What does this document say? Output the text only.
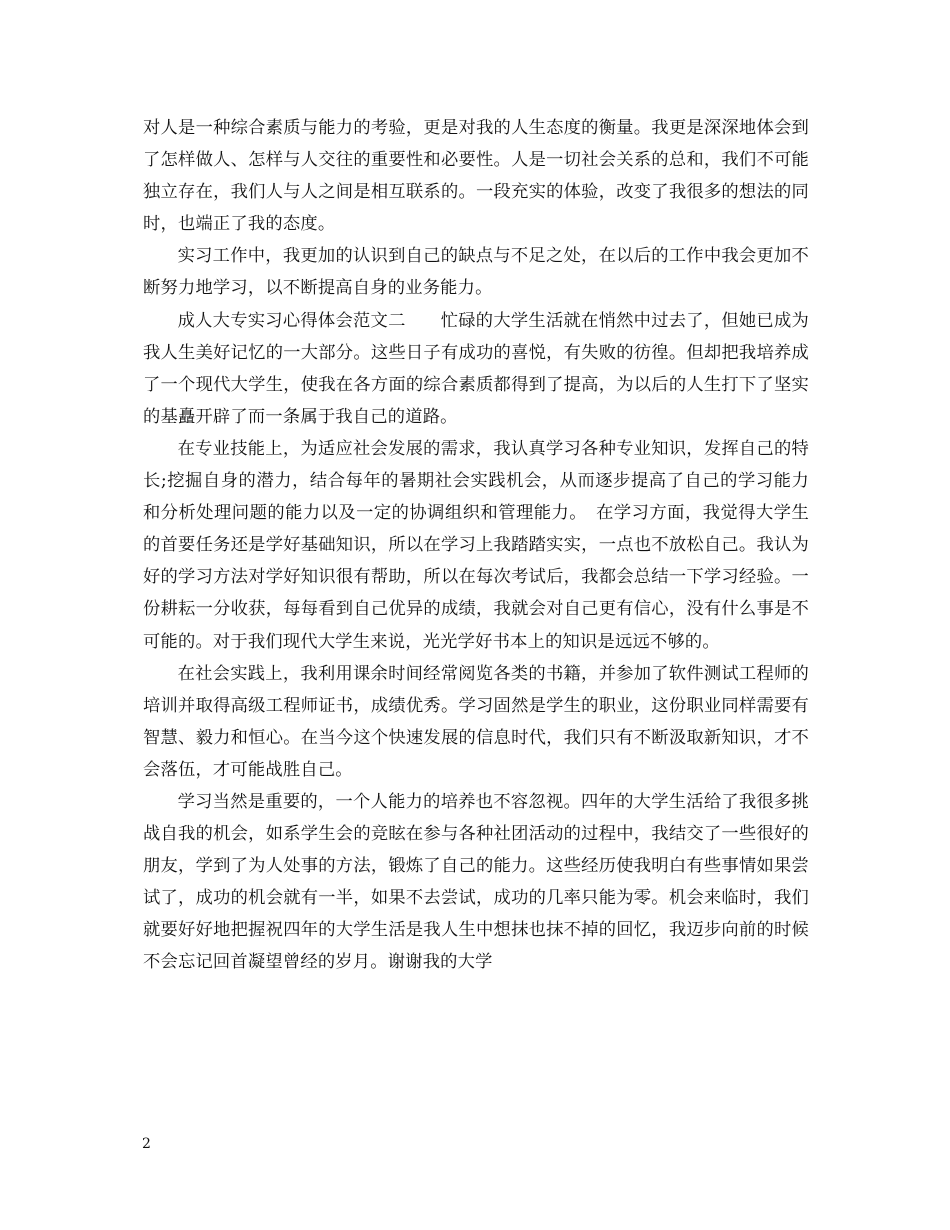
对人是一种综合素质与能力的考验，更是对我的人生态度的衡量。我更是深深地体会到了怎样做人、怎样与人交往的重要性和必要性。人是一切社会关系的总和，我们不可能独立存在，我们人与人之间是相互联系的。一段充实的体验，改变了我很多的想法的同时，也端正了我的态度。

实习工作中，我更加的认识到自己的缺点与不足之处，在以后的工作中我会更加不断努力地学习，以不断提高自身的业务能力。

成人大专实习心得体会范文二　　忙碌的大学生活就在悄然中过去了，但她已成为我人生美好记忆的一大部分。这些日子有成功的喜悦，有失败的彷徨。但却把我培养成了一个现代大学生，使我在各方面的综合素质都得到了提高，为以后的人生打下了坚实的基矗开辟了而一条属于我自己的道路。

在专业技能上，为适应社会发展的需求，我认真学习各种专业知识，发挥自己的特长;挖掘自身的潜力，结合每年的暑期社会实践机会，从而逐步提高了自己的学习能力和分析处理问题的能力以及一定的协调组织和管理能力。　在学习方面，我觉得大学生的首要任务还是学好基础知识，所以在学习上我踏踏实实，一点也不放松自己。我认为好的学习方法对学好知识很有帮助，所以在每次考试后，我都会总结一下学习经验。一份耕耘一分收获，每每看到自己优异的成绩，我就会对自己更有信心，没有什么事是不可能的。对于我们现代大学生来说，光光学好书本上的知识是远远不够的。

在社会实践上，我利用课余时间经常阅览各类的书籍，并参加了软件测试工程师的培训并取得高级工程师证书，成绩优秀。学习固然是学生的职业，这份职业同样需要有智慧、毅力和恒心。在当今这个快速发展的信息时代，我们只有不断汲取新知识，才不会落伍，才可能战胜自己。

学习当然是重要的，一个人能力的培养也不容忽视。四年的大学生活给了我很多挑战自我的机会，如系学生会的竞眩在参与各种社团活动的过程中，我结交了一些很好的朋友，学到了为人处事的方法，锻炼了自己的能力。这些经历使我明白有些事情如果尝试了，成功的机会就有一半，如果不去尝试，成功的几率只能为零。机会来临时，我们就要好好地把握祝四年的大学生活是我人生中想抹也抹不掉的回忆，我迈步向前的时候不会忘记回首凝望曾经的岁月。谢谢我的大学

2
